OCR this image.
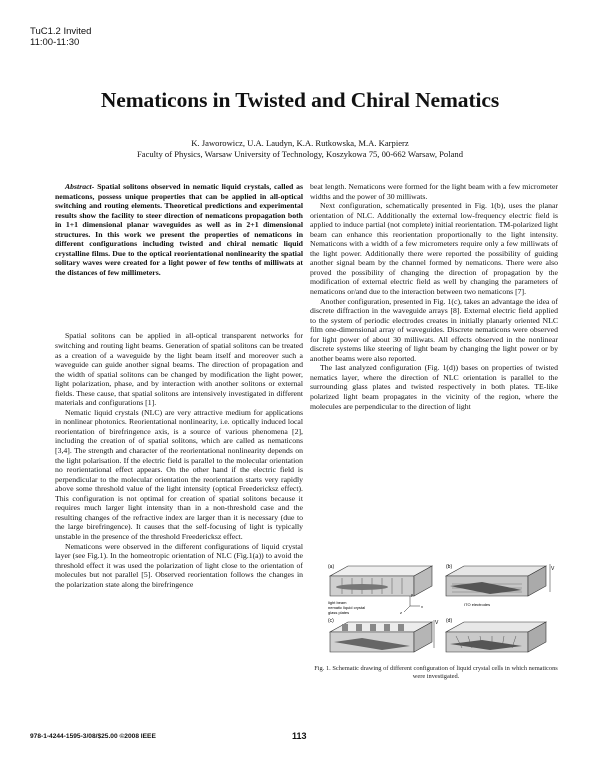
TuC1.2 Invited
11:00-11:30
Nematicons in Twisted and Chiral Nematics
K. Jaworowicz, U.A. Laudyn, K.A. Rutkowska, M.A. Karpierz
Faculty of Physics, Warsaw University of Technology, Koszykowa 75, 00-662 Warsaw, Poland

Abstract- Spatial solitons observed in nematic liquid crystals, called as nematicons, possess unique properties that can be applied in all-optical switching and routing elements. Theoretical predictions and experimental results show the facility to steer direction of nematicons propagation both in 1+1 dimensional planar waveguides as well as in 2+1 dimensional structures. In this work we present the properties of nematicons in different configurations including twisted and chiral nematic liquid crystalline films. Due to the optical reorientational nonlinearity the spatial solitary waves were created for a light power of few tenths of milliwats at the distances of few millimeters.

Spatial solitons can be applied in all-optical transparent networks for switching and routing light beams. Generation of spatial solitons can be treated as a creation of a waveguide by the light beam itself and moreover such a waveguide can guide another signal beams. The direction of propagation and the width of spatial solitons can be changed by modification the light power, light polarization, phase, and by interaction with another solitons or external fields. These cause, that spatial solitons are intensively investigated in different materials and configurations [1].

Nematic liquid crystals (NLC) are very attractive medium for applications in nonlinear photonics. Reorientational nonlinearity, i.e. optically induced local reorientation of birefringence axis, is a source of various phenomena [2], including the creation of of spatial solitons, which are called as nematicons [3,4]. The strength and character of the reorientational nonlinearity depends on the light polarisation. If the electric field is parallel to the molecular orientation no reorientational effect appears. On the other hand if the electric field is perpendicular to the molecular orientation the reorientation starts very rapidly above some threshold value of the light intensity (optical Freedericksz effect). This configuration is not optimal for creation of spatial solitons because it requires much larger light intensity than in a non-threshold case and the resulting changes of the refractive index are larger than it is necessary (due to the large birefringence). It causes that the self-focusing of light is typically unstable in the presence of the threshold Freedericksz effect.

Nematicons were observed in the different configurations of liquid crystal layer (see Fig.1). In the homeotropic orientation of NLC (Fig.1(a)) to avoid the threshold effect it was used the polarization of light close to the orientation of molecules but not parallel [5]. Observed reorientation follows the changes in the polarization state along the birefringence

beat length. Nematicons were formed for the light beam with a few micrometer widths and the power of 30 milliwats.

Next configuration, schematically presented in Fig. 1(b), uses the planar orientation of NLC. Additionally the external low-frequency electric field is applied to induce partial (not complete) initial reorientation. TM-polarized light beam can enhance this reorientation proportionally to the light intensity. Nematicons with a width of a few micrometers require only a few milliwats of the light power. Additionally there were reported the possibility of guiding another signal beam by the channel formed by nematicons. There were also proved the possibility of changing the direction of propagation by the modification of external electric field as well by changing the parameters of nematicons or/and due to the interaction between two nematicons [7].

Another configuration, presented in Fig. 1(c), takes an advantage the idea of discrete diffraction in the waveguide arrays [8]. External electric field applied to the system of periodic electrodes creates in initially planarly oriented NLC film one-dimensional array of waveguides. Discrete nematicons were observed for light power of about 30 milliwats. All effects observed in the nonlinear discrete systems like steering of light beam by changing the light power or by another beams were also reported.

The last analyzed configuration (Fig. 1(d)) bases on properties of twisted nematics layer, where the direction of NLC orientation is parallel to the surrounding glass plates and twisted respectively in both plates. TE-like polarized light beam propagates in the vicinity of the region, where the molecules are perpendicular to the direction of light

(a)
light beam
nematic liquid crystal
glass plates
x
y
z
V
(b)
ITO electrodes
V
(c)	(d)
Fig. 1. Schematic drawing of different configuration of liquid crystal cells in which nematicons were investigated.
978-1-4244-1595-3/08/$25.00 ©2008 IEEE	113
